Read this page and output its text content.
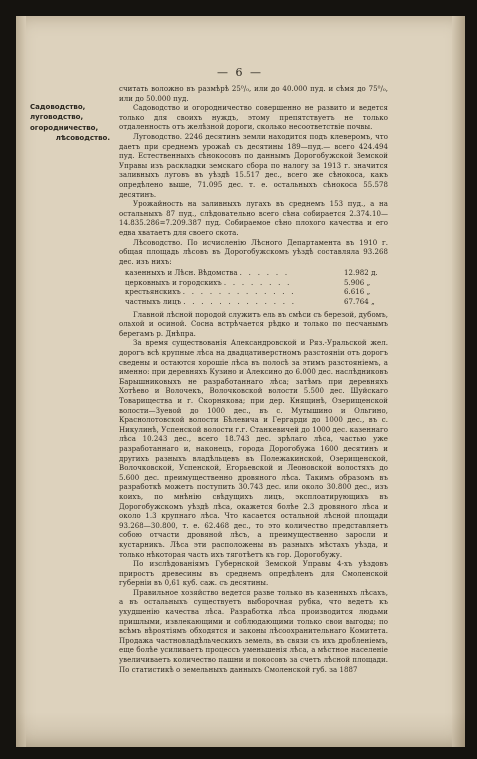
— 6 —
Садоводство, луговодство, огородничество, лѣсоводство.

считать воложно въ размѣрѣ 25⁰/₀, или до 40.000 пуд. и сѣмя до 75⁰/₀, или до 50.000 пуд.

Садоводство и огородничество совершенно не развито и ведется только для своихъ нуждъ, этому препятствуетъ не только отдаленность отъ желѣзной дороги, сколько несоответствіе почвы.

Луговодство. 2246 десятинъ земли находится подъ клеверомъ, что даетъ при среднемъ урожаѣ съ десятины 189—пуд.— всего 424.494 пуд. Естественныхъ сѣнокосовъ по даннымъ Дорогобужской Земской Управы изъ раскладки земскаго сбора по налогу за 1913 г. значится заливныхъ луговъ въ уѣздѣ 15.517 дес., всего же сѣнокоса, какъ опредѣлено выше, 71.095 дес. т. е. остальныхъ сѣнокоса 55.578 десятинъ.

Урожайность на заливныхъ лугахъ въ среднемъ 153 пуд., а на остальныхъ 87 пуд., слѣдовательно всего сѣна собирается 2.374.10—14.835.286=7.209.387 пуд. Собираемое сѣно плохого качества и его едва хватаетъ для своего скота.

Лѣсоводство. По исчисленію Лѣсного Департамента въ 1910 г. общая площадь лѣсовъ въ Дорогобужскомъ уѣздѣ составляла 93.268 дес. изъ нихъ:

казенныхъ и Лѣсн. Вѣдомства . . . . . .	12.982 д.
церковныхъ и городскихъ . . . . . . . .	5.906 „
крестьянскихъ . . . . . . . . . . . . .	6.616 „
частныхъ лицъ . . . . . . . . . . . . .	67.764 „

Главной лѣсной породой служитъ ель въ смѣси съ березой, дубомъ, ольхой и осиной. Сосна встрѣчается рѣдко и только по песчанымъ берегамъ р. Днѣпра.

За время существованія Александровской и Ряз.-Уральской жел. дорогъ всѣ крупные лѣса на двадцативерстномъ разстояніи отъ дорогъ сведены и остаются хорошіе лѣса въ полосѣ за этимъ разстояніемъ, а именно: при деревняхъ Кузино и Алексино до 6.000 дес. наслѣдниковъ Барышниковыхъ не разработаннаго лѣса; затѣмъ при деревняхъ Хотѣево и Волочекъ, Волочковской волости 5.500 дес. Шуйскаго Товарищества и г. Скорнякова; при дер. Княщинѣ, Озерищенской волости—Зуевой до 1000 дес., въ с. Мутышино и Ольгино, Краснолотовской волости Бѣлевича и Гергарди до 1000 дес., въ с. Никулинѣ, Успенской волости г.г. Станкевичей до 1000 дес. казеннаго лѣса 10.243 дес., всего 18.743 дес. зрѣлаго лѣса, частью уже разработаннаго и, наконецъ, города Дорогобужа 1600 десятинъ и другихъ разныхъ владѣльцевъ въ Полежакинской, Озерищенской, Волочковской, Успенской, Егорьевской и Леоновской волостяхъ до 5.600 дес. преимущественно дровяного лѣса. Такимъ образомъ въ разработкѣ можетъ поступить 30.743 дес. или около 30.800 дес., изъ коихъ, по мнѣнію свѣдущихъ лицъ, эксплоатирующихъ въ Дорогобужскомъ уѣздѣ лѣса, окажется болѣе 2.3 дровяного лѣса и около 1.3 крупнаго лѣса. Что касается остальной лѣсной площади 93.268—30.800, т. е. 62.468 дес., то это количество представляетъ собою отчасти дровяной лѣсъ, а преимущественно заросли и кустарникъ. Лѣса эти расположены въ разныхъ мѣстахъ уѣзда, и только нѣкоторая часть ихъ тяготѣетъ къ гор. Дорогобужу.

По изслѣдованіямъ Губернской Земской Управы 4-хъ уѣздовъ приростъ древесины въ среднемъ опредѣленъ для Смоленской губерніи въ 0,61 куб. саж. съ десятины.

Правильное хозяйство ведется разве только въ казенныхъ лѣсахъ, а въ остальныхъ существуетъ выборочная рубка, что ведетъ къ ухудшенію качества лѣса. Разработка лѣса производится людьми пришлыми, извлекающими и соблюдающими только свои выгоды; по всѣмъ вѣроятіямъ обходятся и законы лѣсоохранительнаго Комитета. Продажа частновладѣльческихъ земель, въ связи съ ихъ дробленіемъ, еще болѣе усиливаетъ процессъ уменьшенія лѣса, а мѣстное населеніе увеличиваетъ количество пашни и покосовъ за счетъ лѣсной площади. По статистикѣ о земельныхъ данныхъ Смоленской губ. за 1887
